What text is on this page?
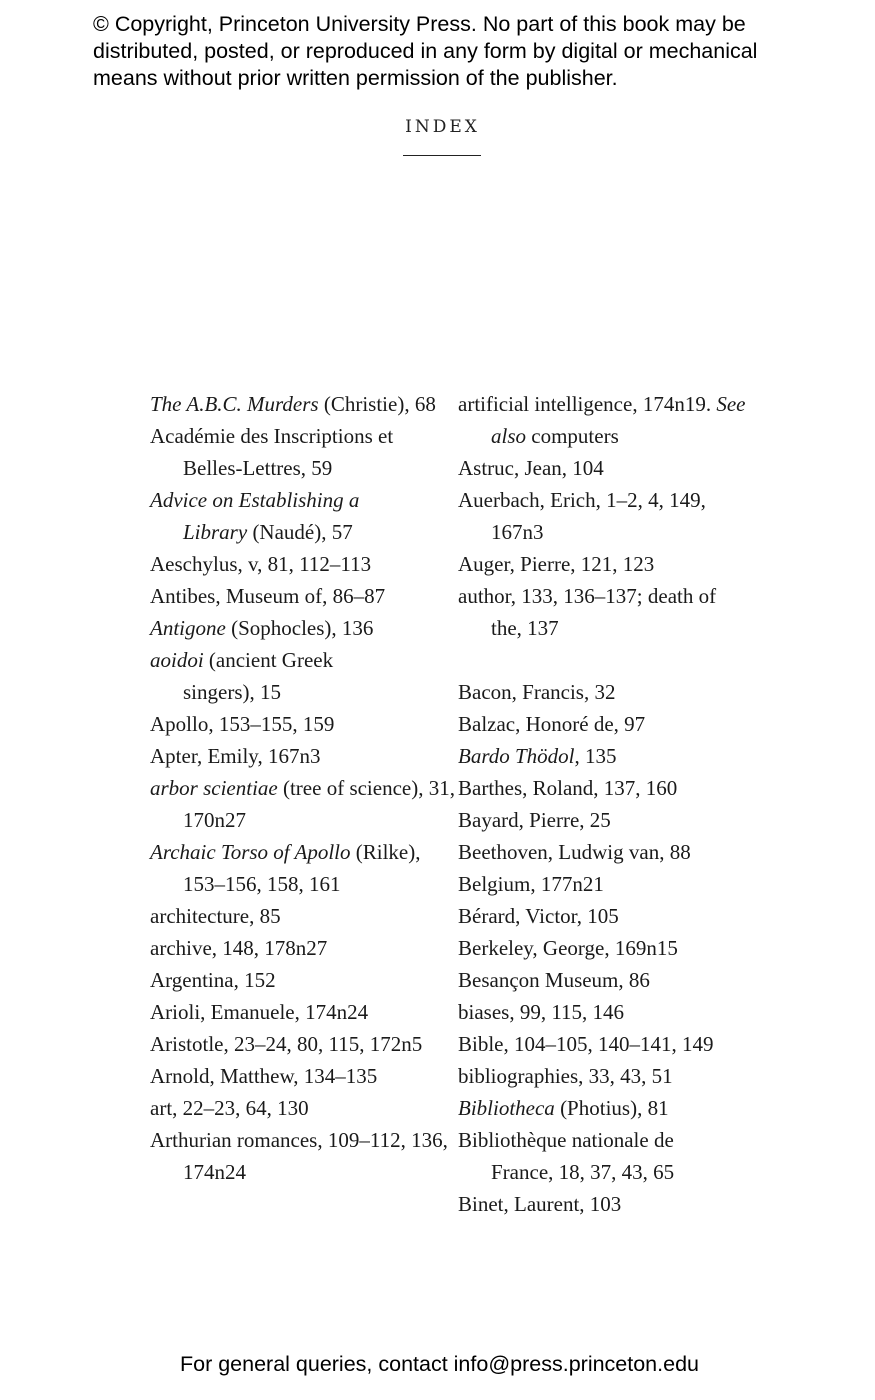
© Copyright, Princeton University Press. No part of this book may be
distributed, posted, or reproduced in any form by digital or mechanical
means without prior written permission of the publisher.
INDEX

The A.B.C. Murders (Christie), 68

Académie des Inscriptions et Belles-Lettres, 59

Advice on Establishing a Library (Naudé), 57

Aeschylus, v, 81, 112–113

Antibes, Museum of, 86–87

Antigone (Sophocles), 136

aoidoi (ancient Greek singers), 15

Apollo, 153–155, 159

Apter, Emily, 167n3

arbor scientiae (tree of science), 31, 170n27

Archaic Torso of Apollo (Rilke), 153–156, 158, 161

architecture, 85

archive, 148, 178n27

Argentina, 152

Arioli, Emanuele, 174n24

Aristotle, 23–24, 80, 115, 172n5

Arnold, Matthew, 134–135

art, 22–23, 64, 130

Arthurian romances, 109–112, 136, 174n24

artificial intelligence, 174n19. See also computers

Astruc, Jean, 104

Auerbach, Erich, 1–2, 4, 149, 167n3

Auger, Pierre, 121, 123

author, 133, 136–137; death of the, 137

Bacon, Francis, 32

Balzac, Honoré de, 97

Bardo Thödol, 135

Barthes, Roland, 137, 160

Bayard, Pierre, 25

Beethoven, Ludwig van, 88

Belgium, 177n21

Bérard, Victor, 105

Berkeley, George, 169n15

Besançon Museum, 86

biases, 99, 115, 146

Bible, 104–105, 140–141, 149

bibliographies, 33, 43, 51

Bibliotheca (Photius), 81

Bibliothèque nationale de France, 18, 37, 43, 65

Binet, Laurent, 103

For general queries, contact info@press.princeton.edu
